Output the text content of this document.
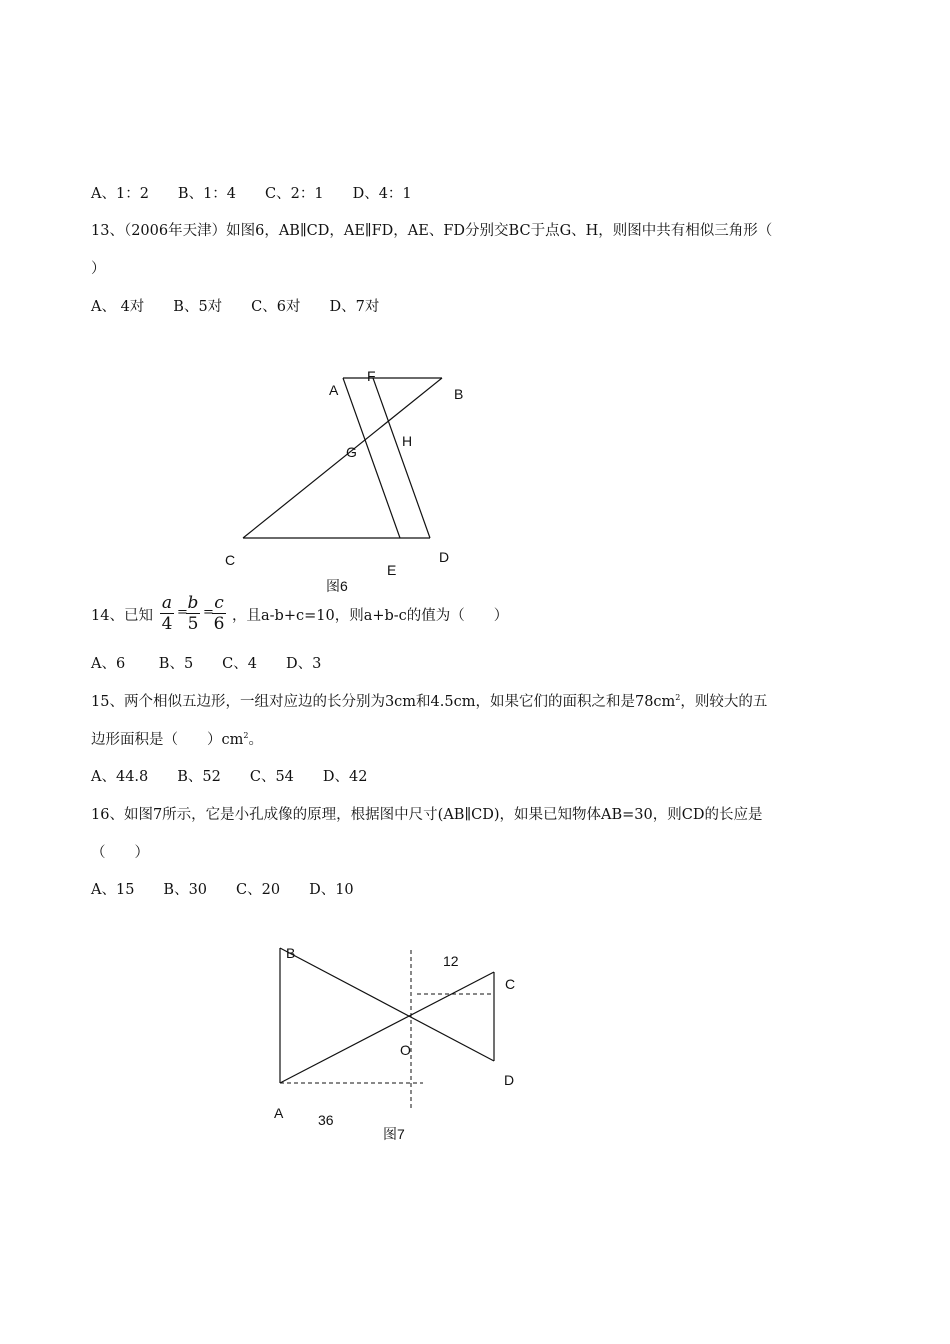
A、1：2　　B、1：4　　C、2：1　　D、4：1
13、（2006年天津）如图6，AB∥CD，AE∥FD，AE、FD分别交BC于点G、H，则图中共有相似三角形（
）
A、 4对　　B、5对　　C、6对　　D、7对
A
F
B
G
H
C
E
D
图6
14、已知
a
4
= b
5
= c
6 ，且a-b+c=10，则a+b-c的值为（　　）
A、6　　 B、5　　C、4　　D、3
15、两个相似五边形，一组对应边的长分别为3cm和4.5cm，如果它们的面积之和是$78cm^2$，则较大的五
边形面积是（　　）$cm^2$。
A、44.8　　B、52　　C、54　　D、42
16、如图7所示，它是小孔成像的原理，根据图中尺寸(AB∥CD)，如果已知物体AB=30，则CD的长应是
（　　）
A、15　　B、30　　C、20　　D、10
B	12
C
O
D
A 36
图7
